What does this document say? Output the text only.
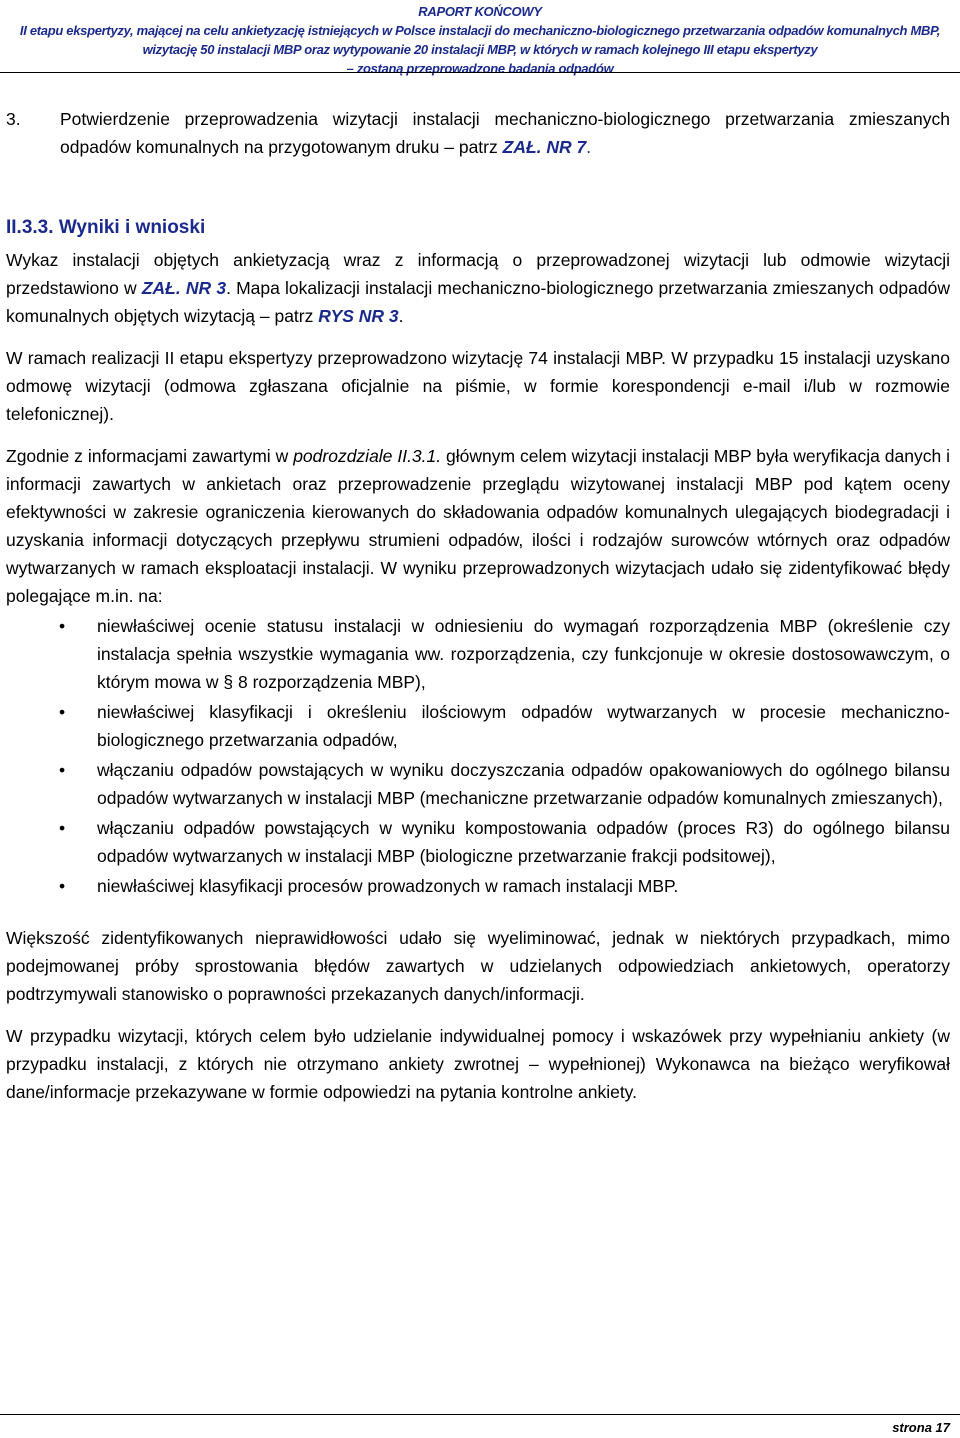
RAPORT KOŃCOWY
II etapu ekspertyzy, mającej na celu ankietyzację istniejących w Polsce instalacji do mechaniczno-biologicznego przetwarzania odpadów komunalnych MBP,
wizytację 50 instalacji MBP oraz wytypowanie 20 instalacji MBP, w których w ramach kolejnego III etapu ekspertyzy
– zostaną przeprowadzone badania odpadów

3. Potwierdzenie przeprowadzenia wizytacji instalacji mechaniczno-biologicznego przetwarzania zmieszanych odpadów komunalnych na przygotowanym druku – patrz ZAŁ. NR 7.

II.3.3. Wyniki i wnioski

Wykaz instalacji objętych ankietyzacją wraz z informacją o przeprowadzonej wizytacji lub odmowie wizytacji przedstawiono w ZAŁ. NR 3. Mapa lokalizacji instalacji mechaniczno-biologicznego przetwarzania zmieszanych odpadów komunalnych objętych wizytacją – patrz RYS NR 3.

W ramach realizacji II etapu ekspertyzy przeprowadzono wizytację 74 instalacji MBP. W przypadku 15 instalacji uzyskano odmowę wizytacji (odmowa zgłaszana oficjalnie na piśmie, w formie korespondencji e-mail i/lub w rozmowie telefonicznej).

Zgodnie z informacjami zawartymi w podrozdziale II.3.1. głównym celem wizytacji instalacji MBP była weryfikacja danych i informacji zawartych w ankietach oraz przeprowadzenie przeglądu wizytowanej instalacji MBP pod kątem oceny efektywności w zakresie ograniczenia kierowanych do składowania odpadów komunalnych ulegających biodegradacji i uzyskania informacji dotyczących przepływu strumieni odpadów, ilości i rodzajów surowców wtórnych oraz odpadów wytwarzanych w ramach eksploatacji instalacji. W wyniku przeprowadzonych wizytacjach udało się zidentyfikować błędy polegające m.in. na:

• niewłaściwej ocenie statusu instalacji w odniesieniu do wymagań rozporządzenia MBP (określenie czy instalacja spełnia wszystkie wymagania ww. rozporządzenia, czy funkcjonuje w okresie dostosowawczym, o którym mowa w § 8 rozporządzenia MBP),
• niewłaściwej klasyfikacji i określeniu ilościowym odpadów wytwarzanych w procesie mechaniczno-biologicznego przetwarzania odpadów,
• włączaniu odpadów powstających w wyniku doczyszczania odpadów opakowaniowych do ogólnego bilansu odpadów wytwarzanych w instalacji MBP (mechaniczne przetwarzanie odpadów komunalnych zmieszanych),
• włączaniu odpadów powstających w wyniku kompostowania odpadów (proces R3) do ogólnego bilansu odpadów wytwarzanych w instalacji MBP (biologiczne przetwarzanie frakcji podsitowej),
• niewłaściwej klasyfikacji procesów prowadzonych w ramach instalacji MBP.

Większość zidentyfikowanych nieprawidłowości udało się wyeliminować, jednak w niektórych przypadkach, mimo podejmowanej próby sprostowania błędów zawartych w udzielanych odpowiedziach ankietowych, operatorzy podtrzymywali stanowisko o poprawności przekazanych danych/informacji.

W przypadku wizytacji, których celem było udzielanie indywidualnej pomocy i wskazówek przy wypełnianiu ankiety (w przypadku instalacji, z których nie otrzymano ankiety zwrotnej – wypełnionej) Wykonawca na bieżąco weryfikował dane/informacje przekazywane w formie odpowiedzi na pytania kontrolne ankiety.

strona 17
